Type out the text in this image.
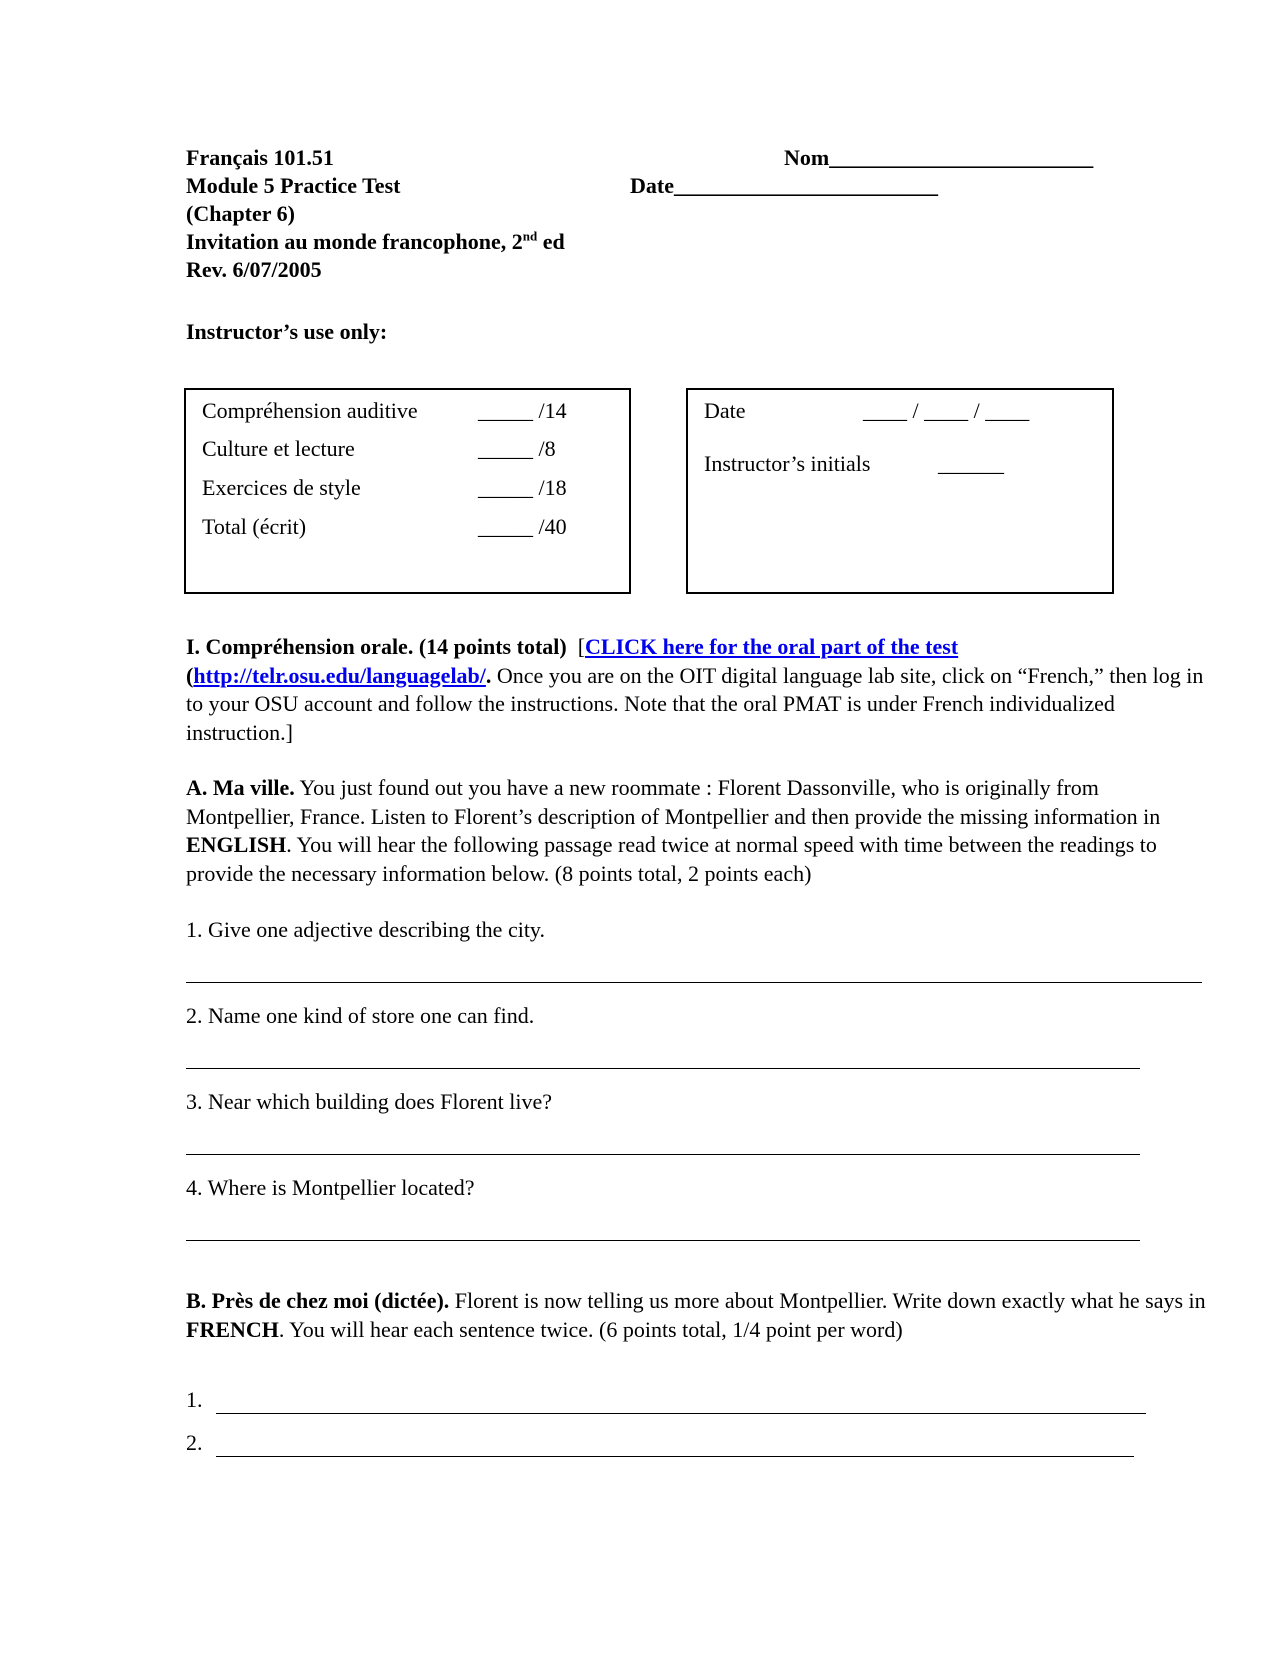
Français 101.51	Nom________________________
Module 5 Practice Test	Date________________________
(Chapter 6)
Invitation au monde francophone, 2nd ed
Rev. 6/07/2005
Instructor’s use only:
Compréhension auditive	_____ /14
Culture et lecture	_____ /8
Exercices de style	_____ /18
Total (écrit)	_____ /40
Date	____ / ____ / ____
Instructor’s initials	______
I. Compréhension orale. (14 points total) [CLICK here for the oral part of the test (http://telr.osu.edu/languagelab/. Once you are on the OIT digital language lab site, click on “French,” then log in to your OSU account and follow the instructions. Note that the oral PMAT is under French individualized instruction.]
A. Ma ville. You just found out you have a new roommate : Florent Dassonville, who is originally from Montpellier, France. Listen to Florent’s description of Montpellier and then provide the missing information in ENGLISH. You will hear the following passage read twice at normal speed with time between the readings to provide the necessary information below. (8 points total, 2 points each)
1. Give one adjective describing the city.
2. Name one kind of store one can find.
3. Near which building does Florent live?
4. Where is Montpellier located?
B. Près de chez moi (dictée). Florent is now telling us more about Montpellier. Write down exactly what he says in FRENCH. You will hear each sentence twice. (6 points total, 1/4 point per word)
1.
2.
